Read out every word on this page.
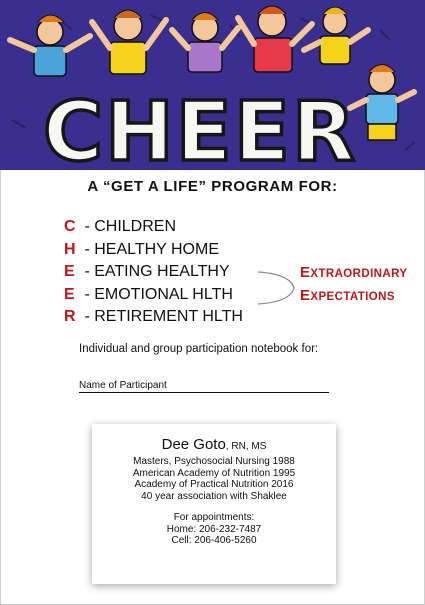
CHEER
A “GET A LIFE” PROGRAM FOR:
C - CHILDREN
H - HEALTHY HOME
E - EATING HEALTHY
E - EMOTIONAL HLTH
R - RETIREMENT HLTH
EXTRAORDINARY
EXPECTATIONS
Individual and group participation notebook for:
Name of Participant
Dee Goto, RN, MS
Masters, Psychosocial Nursing 1988
American Academy of Nutrition 1995
Academy of Practical Nutrition 2016
40 year association with Shaklee
For appointments:
Home: 206-232-7487
Cell: 206-406-5260
